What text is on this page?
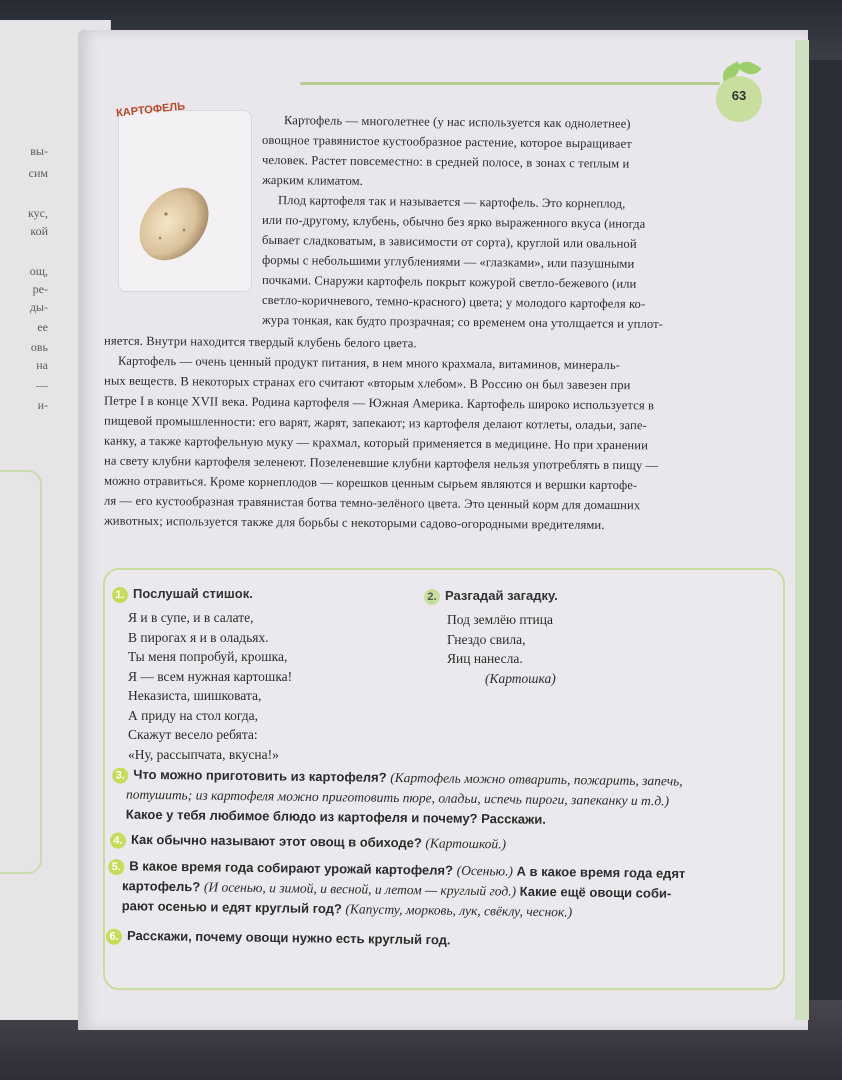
вы-
сим
кус,
кой
ощ,
ре-
ды-
ее
овь
на
—
и-
63
КАРТОФЕЛЬ
Картофель — многолетнее (у нас используется как однолетнее)
овощное травянистое кустообразное растение, которое выращивает
человек. Растет повсеместно: в средней полосе, в зонах с теплым и
жарким климатом.
Плод картофеля так и называется — картофель. Это корнеплод,
или по-другому, клубень, обычно без ярко выраженного вкуса (иногда
бывает сладковатым, в зависимости от сорта), круглой или овальной
формы с небольшими углублениями — «глазками», или пазушными
почками. Снаружи картофель покрыт кожурой светло-бежевого (или
светло-коричневого, темно-красного) цвета; у молодого картофеля ко-
жура тонкая, как будто прозрачная; со временем она утолщается и уплот-
няется. Внутри находится твердый клубень белого цвета.
Картофель — очень ценный продукт питания, в нем много крахмала, витаминов, минераль-
ных веществ. В некоторых странах его считают «вторым хлебом». В Россию он был завезен при
Петре I в конце XVII века. Родина картофеля — Южная Америка. Картофель широко используется в
пищевой промышленности: его варят, жарят, запекают; из картофеля делают котлеты, оладьи, запе-
канку, а также картофельную муку — крахмал, который применяется в медицине. Но при хранении
на свету клубни картофеля зеленеют. Позеленевшие клубни картофеля нельзя употреблять в пищу —
можно отравиться. Кроме корнеплодов — корешков ценным сырьем являются и вершки картофе-
ля — его кустообразная травянистая ботва темно-зелёного цвета. Это ценный корм для домашних
животных; используется также для борьбы с некоторыми садово-огородными вредителями.
1. Послушай стишок.
Я и в супе, и в салате,
В пирогах я и в оладьях.
Ты меня попробуй, крошка,
Я — всем нужная картошка!
Неказиста, шишковата,
А приду на стол когда,
Скажут весело ребята:
«Ну, рассыпчата, вкусна!»
2. Разгадай загадку.
Под землёю птица
Гнездо свила,
Яиц нанесла.
(Картошка)
3. Что можно приготовить из картофеля? (Картофель можно отварить, пожарить, запечь,
потушить; из картофеля можно приготовить пюре, оладьи, испечь пироги, запеканку и т.д.)
Какое у тебя любимое блюдо из картофеля и почему? Расскажи.
4. Как обычно называют этот овощ в обиходе? (Картошкой.)
5. В какое время года собирают урожай картофеля? (Осенью.) А в какое время года едят
картофель? (И осенью, и зимой, и весной, и летом — круглый год.) Какие ещё овощи соби-
рают осенью и едят круглый год? (Капусту, морковь, лук, свёклу, чеснок.)
6. Расскажи, почему овощи нужно есть круглый год.
